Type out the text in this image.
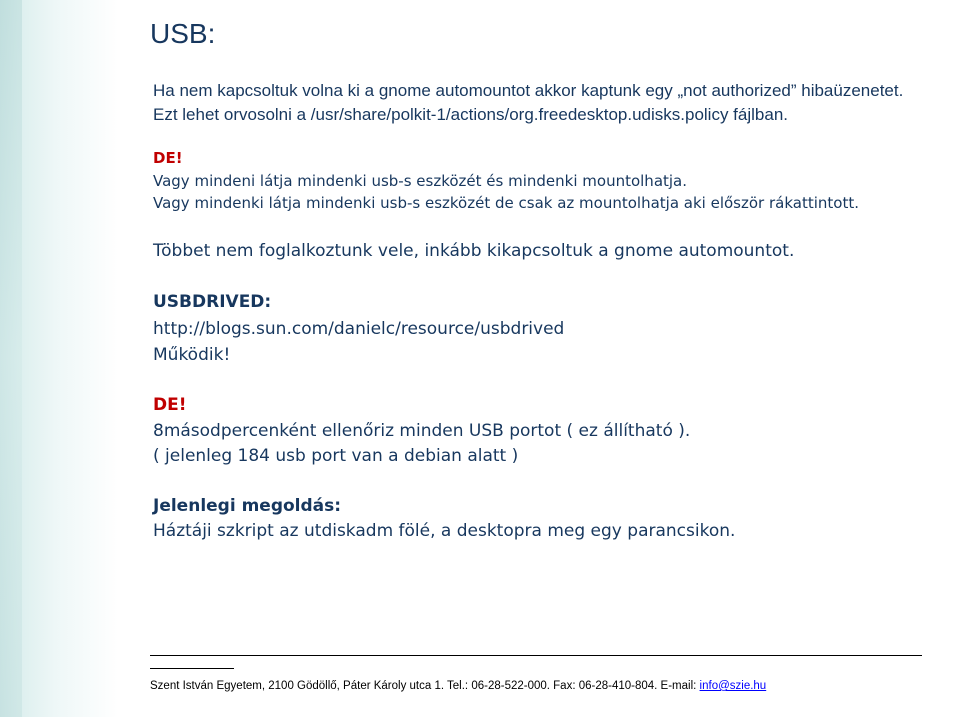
USB:
Ha nem kapcsoltuk volna ki a gnome automountot akkor kaptunk egy „not authorized” hibaüzenetet.
Ezt lehet orvosolni a /usr/share/polkit-1/actions/org.freedesktop.udisks.policy fájlban.
DE!
Vagy mindeni látja mindenki usb-s eszközét és mindenki mountolhatja.
Vagy mindenki látja mindenki usb-s eszközét de csak az mountolhatja aki először rákattintott.
Többet nem foglalkoztunk vele, inkább kikapcsoltuk a gnome automountot.
USBDRIVED:
http://blogs.sun.com/danielc/resource/usbdrived
Működik!
DE!
8másodpercenként ellenőriz minden USB portot ( ez állítható ).
( jelenleg 184 usb port van a debian alatt )
Jelenlegi megoldás:
Háztáji szkript az utdiskadm fölé, a desktopra meg egy parancsikon.
Szent István Egyetem, 2100 Gödöllő, Páter Károly utca 1. Tel.: 06-28-522-000. Fax: 06-28-410-804. E-mail: info@szie.hu
